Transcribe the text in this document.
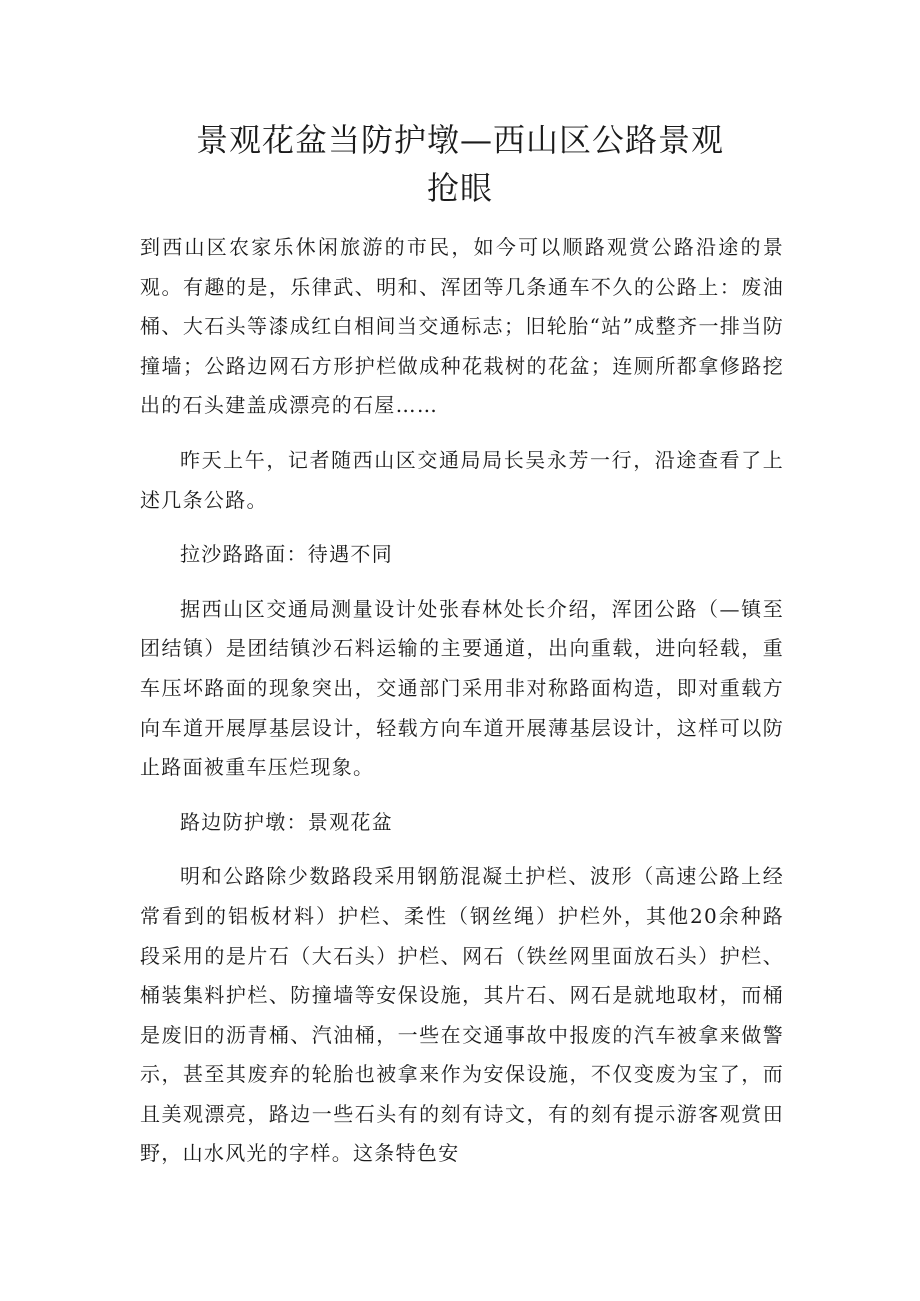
景观花盆当防护墩—西山区公路景观
抢眼

到西山区农家乐休闲旅游的市民，如今可以顺路观赏公路沿途的景观。有趣的是，乐律武、明和、浑团等几条通车不久的公路上：废油桶、大石头等漆成红白相间当交通标志；旧轮胎“站”成整齐一排当防撞墙；公路边网石方形护栏做成种花栽树的花盆；连厕所都拿修路挖出的石头建盖成漂亮的石屋……

昨天上午，记者随西山区交通局局长吴永芳一行，沿途查看了上述几条公路。

拉沙路路面：待遇不同

据西山区交通局测量设计处张春林处长介绍，浑团公路（—镇至团结镇）是团结镇沙石料运输的主要通道，出向重载，进向轻载，重车压坏路面的现象突出，交通部门采用非对称路面构造，即对重载方向车道开展厚基层设计，轻载方向车道开展薄基层设计，这样可以防止路面被重车压烂现象。

路边防护墩：景观花盆

明和公路除少数路段采用钢筋混凝土护栏、波形（高速公路上经常看到的铝板材料）护栏、柔性（钢丝绳）护栏外，其他20余种路段采用的是片石（大石头）护栏、网石（铁丝网里面放石头）护栏、桶装集料护栏、防撞墙等安保设施，其片石、网石是就地取材，而桶是废旧的沥青桶、汽油桶，一些在交通事故中报废的汽车被拿来做警示，甚至其废弃的轮胎也被拿来作为安保设施，不仅变废为宝了，而且美观漂亮，路边一些石头有的刻有诗文，有的刻有提示游客观赏田野，山水风光的字样。这条特色安
